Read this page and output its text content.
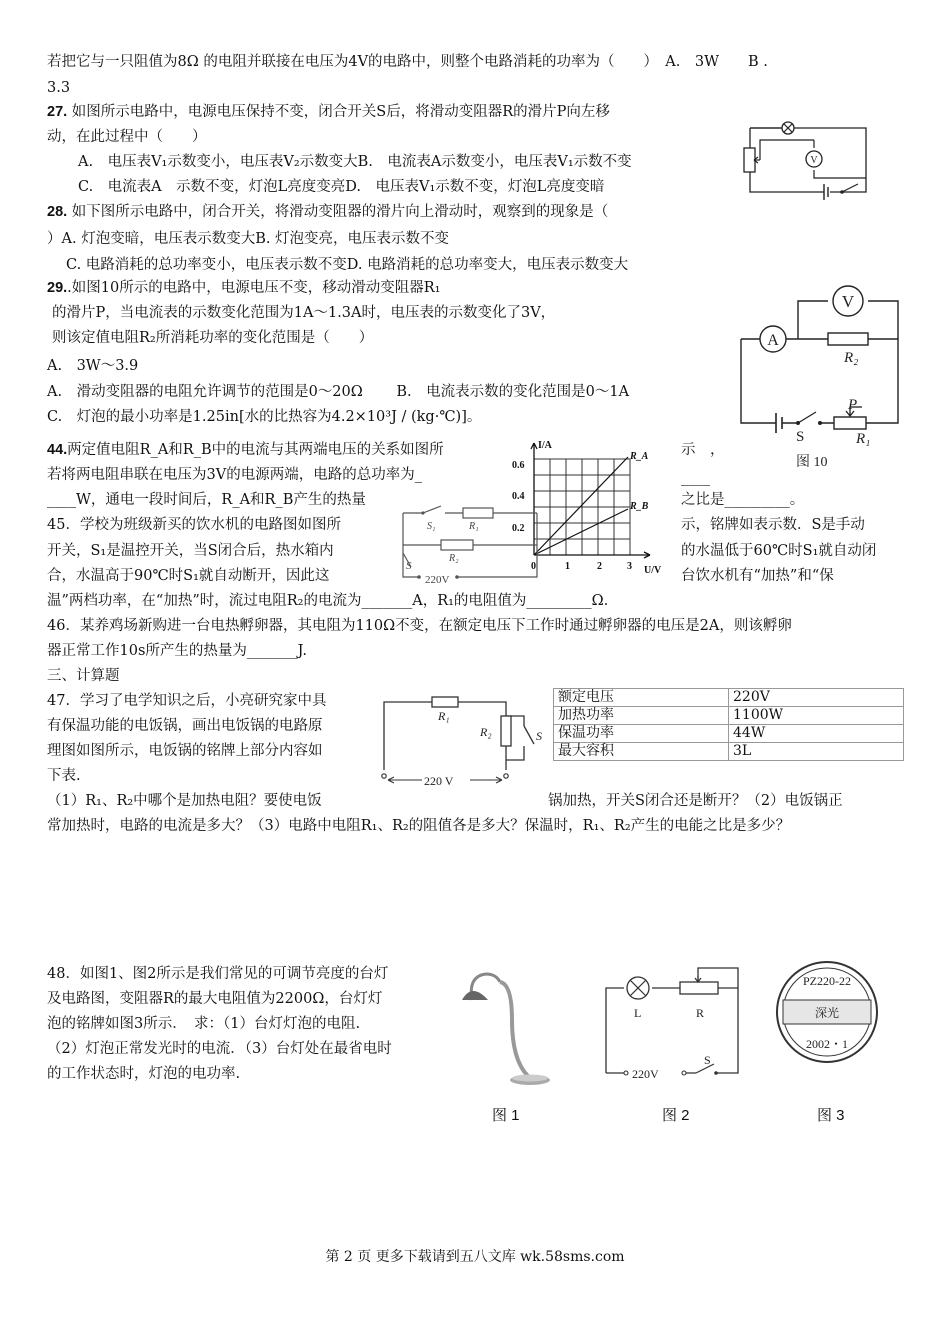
若把它与一只阻值为8Ω 的电阻并联接在电压为4V的电路中，则整个电路消耗的功率为（　　）　A.　3W　　B .
3.3
27. 如图所示电路中，电源电压保持不变，闭合开关S后，将滑动变阻器R的滑片P向左移
动，在此过程中（　　）
A.　电压表V₁示数变小，电压表V₂示数变大B.　电流表A示数变小，电压表V₁示数不变
C.　电流表A　示数不变，灯泡L亮度变亮D.　电压表V₁示数不变，灯泡L亮度变暗
28. 如下图所示电路中，闭合开关，将滑动变阻器的滑片向上滑动时，观察到的现象是（
）A. 灯泡变暗，电压表示数变大B. 灯泡变亮，电压表示数不变
C. 电路消耗的总功率变小，电压表示数不变D. 电路消耗的总功率变大，电压表示数变大
29..如图10所示的电路中，电源电压不变，移动滑动变阻器R₁
的滑片P，当电流表的示数变化范围为1A～1.3A时，电压表的示数变化了3V，
则该定值电阻R₂所消耗功率的变化范围是（　　）
A.　3W～3.9
A.　滑动变阻器的电阻允许调节的范围是0～20Ω　　 B.　电流表示数的变化范围是0～1A
C.　灯泡的最小功率是1.25in[水的比热容为4.2×10³J / (kg·℃)]。
44.两定值电阻R_A和R_B中的电流与其两端电压的关系如图所	示　，
若将两电阻串联在电压为3V的电源两端，电路的总功率为_	____
____W，通电一段时间后，R_A和R_B产生的热量	之比是_________。
45．学校为班级新买的饮水机的电路图如图所	示，铭牌如表示数．S是手动
开关，S₁是温控开关，当S闭合后，热水箱内	的水温低于60℃时S₁就自动闭
合，水温高于90℃时S₁就自动断开，因此这	台饮水机有“加热”和“保
温”两档功率，在“加热”时，流过电阻R₂的电流为_______A，R₁的电阻值为_________Ω．
46．某养鸡场新购进一台电热孵卵器，其电阻为110Ω不变，在额定电压下工作时通过孵卵器的电压是2A，则该孵卵
器正常工作10s所产生的热量为_______J.
三、计算题
47．学习了电学知识之后，小亮研究家中具
有保温功能的电饭锅，画出电饭锅的电路原
理图如图所示，电饭锅的铭牌上部分内容如
下表.
（1）R₁、R₂中哪个是加热电阻？要使电饭	锅加热，开关S闭合还是断开？（2）电饭锅正
常加热时，电路的电流是多大？（3）电路中电阻R₁、R₂的阻值各是多大？保温时，R₁、R₂产生的电能之比是多少？
48．如图1、图2所示是我们常见的可调节亮度的台灯
及电路图，变阻器R的最大电阻值为2200Ω，台灯灯
泡的铭牌如图3所示．　求：（1）台灯灯泡的电阻.
（2）灯泡正常发光时的电流．（3）台灯处在最省电时
的工作状态时，灯泡的电功率.
额定电压	220V
加热功率	1100W
保温功率	44W
最大容积	3L
V
V
A
R₂
P
R₁
S
图 10
I/A
U/V
0.6
0.4
0.2
0	1	2	3
R_A
R_B
S₁	R₁
R₂
S
220V
R₁
R₂	S
220 V
L	R
220V
S
PZ220-22
深光
2002・1
图 1	图 2	图 3
第 2 页 更多下载请到五八文库 wk.58sms.com
